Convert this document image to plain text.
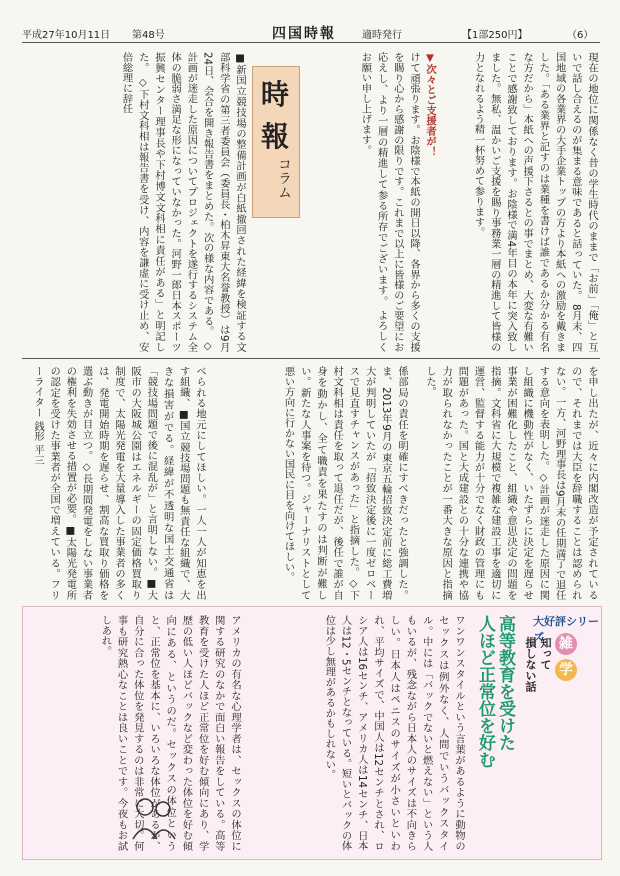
平成27年10月11日 第48号	四国時報	適時発行	【1部250円】	（6）
現在の地位に関係なく昔の学生時代のままで「お前」「俺」と互いで話し合えるのが集まる意味であると話っていた。 8月末、四国地域の各業界の大手企業トップの方より本紙への激励を戴きました。「ある業界と記すのは業種を書けば誰であるか分かる有名な方だから」本紙への声援下さるとの事でまとめ、大変な有難いことで感謝致しております。お陰様で満4年目の本年に突入致しました。無私、温かいご支援を賜り事務業一層の精進して皆様の力となれるよう精一杯努めて参ります。
▼次々とご支援者が！
けて頑張ります。お陰様で本紙の開日以降、各界から多くの支援を賜り心から感謝の限りです。これまで以上に皆様のご要望にお応えし、より一層の精進して参る所存でございます。 よろしくお願い申し上げます。
時
報
コラム
■新国立競技場の整備計画が白紙撤回された経緯を検証する文部科学省の第三者委員会（委員長・柏木昇東大名誉教授）は9月24日、会合を開き報告書をまとめた。次の様な内容である。 ◇計画が迷走した原因についてプロジェクトを遂行するシステム全体の脆弱さ満足な形になっていなかった。河野一郎日本スポーツ振興センター理事長や下村博文文科相に責任がある」と明記した。 ◇下村文科相は報告書を受け、内容を謙虚に受け止め、安倍総理に辞任
を申し出たが、近々に内閣改造が予定されているので、それまでは大臣を辞職することは認められない。一方、河野理事長は9月末の任期満了で退任する意向を表明した。◇計画が迷走した原因に関し組織に機動性がなく、いたずらに決定を遅らせ事業が困難化したこと、組織や意思決定の問題を指摘。文科省に大規模で複雑な建設工事を適切に運営、監督する能力が十分でなく財政の管理にも問題があった。国と大成建設との十分な連携や協力が取られなかったことが一番大きな原因と指摘した。
係部局の責任を明確にすべきだったと強調した。ま、2013年9月の東京五輪招致決定前に総工費増大が判明していたが「招致決定後に一度ゼロベースで見直すチャンスがあった」と指摘した。◇下村文科相は責任を取って退任だが、後任で誰が自身を動かし、全て職責を果たすのは判断が難しい。新たな人事案を待つ。ジャーナリストとして悪い方向に行かない国民に目を向けてほしい。
べられる地元にしてほしい。一人一人が知恵を出す組織、■国立競技場問題も無責任な組織で、大きな損害がでる。経緯が不透明な国土交通省は「競技場問題で後に混乱が」と言明しない。■大阪市の大阪城公園はエネルギーの固定価格買取り制度で、太陽光発電を大量導入した事業者の多くは、発電開始時期を遅らせ、割高な買取り価格を選ぶ動きが目立つ。◇長期間発電をしない事業者の権利を失効させる措置が必要。■太陽光発電所の認定を受けた事業者が全国で増えている。フリーライター 銭形 平三
大好評シリーズ	雑
学
知って
損しない話
高等教育を受けた
人ほど正常位を好む
ワンワンスタイルという言葉があるように動物のセックスは例外なく、人間でいうバックスタイル。中には「バックでないと燃えない」という人もいるが、残念ながら日本人のサイズは不向きらしい。日本人はペニスのサイズが小さいといわれ、平均サイズで、中国人は12センチとされ、ロシア人は16センチ、アメリカ人は14センチ、日本人は12・5センチとなっている。短いとバックの体位は少し無理があるかもしれない。
アメリカの有名な心理学者は、セックスの体位に関する研究のなかで面白い報告をしている。高等教育を受けた人ほど正常位を好む傾向にあり、学歴の低い人ほどバックなど変わった体位を好む傾向にある、というのだ。セックスの体位というと、正常位を基本に、いろいろな体位があるが、自分に合った体位を発見するのは非常に大切。何事も研究熱心なことは良いことです。今夜もお試しあれ。
